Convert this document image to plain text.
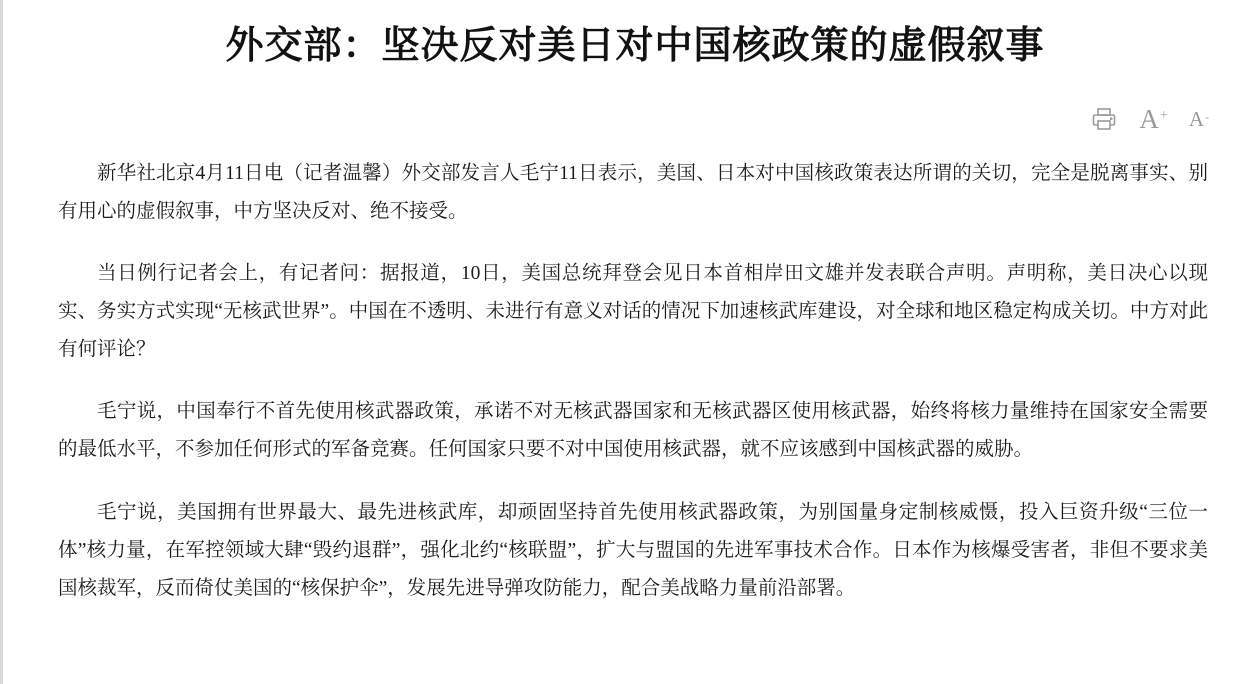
外交部：坚决反对美日对中国核政策的虚假叙事
A + A -

新华社北京4月11日电（记者温馨）外交部发言人毛宁11日表示，美国、日本对中国核政策表达所谓的关切，完全是脱离事实、别有用心的虚假叙事，中方坚决反对、绝不接受。

当日例行记者会上，有记者问：据报道，10日，美国总统拜登会见日本首相岸田文雄并发表联合声明。声明称，美日决心以现实、务实方式实现“无核武世界”。中国在不透明、未进行有意义对话的情况下加速核武库建设，对全球和地区稳定构成关切。中方对此有何评论？

毛宁说，中国奉行不首先使用核武器政策，承诺不对无核武器国家和无核武器区使用核武器，始终将核力量维持在国家安全需要的最低水平，不参加任何形式的军备竞赛。任何国家只要不对中国使用核武器，就不应该感到中国核武器的威胁。

毛宁说，美国拥有世界最大、最先进核武库，却顽固坚持首先使用核武器政策，为别国量身定制核威慑，投入巨资升级“三位一体”核力量，在军控领域大肆“毁约退群”，强化北约“核联盟”，扩大与盟国的先进军事技术合作。日本作为核爆受害者，非但不要求美国核裁军，反而倚仗美国的“核保护伞”，发展先进导弹攻防能力，配合美战略力量前沿部署。
